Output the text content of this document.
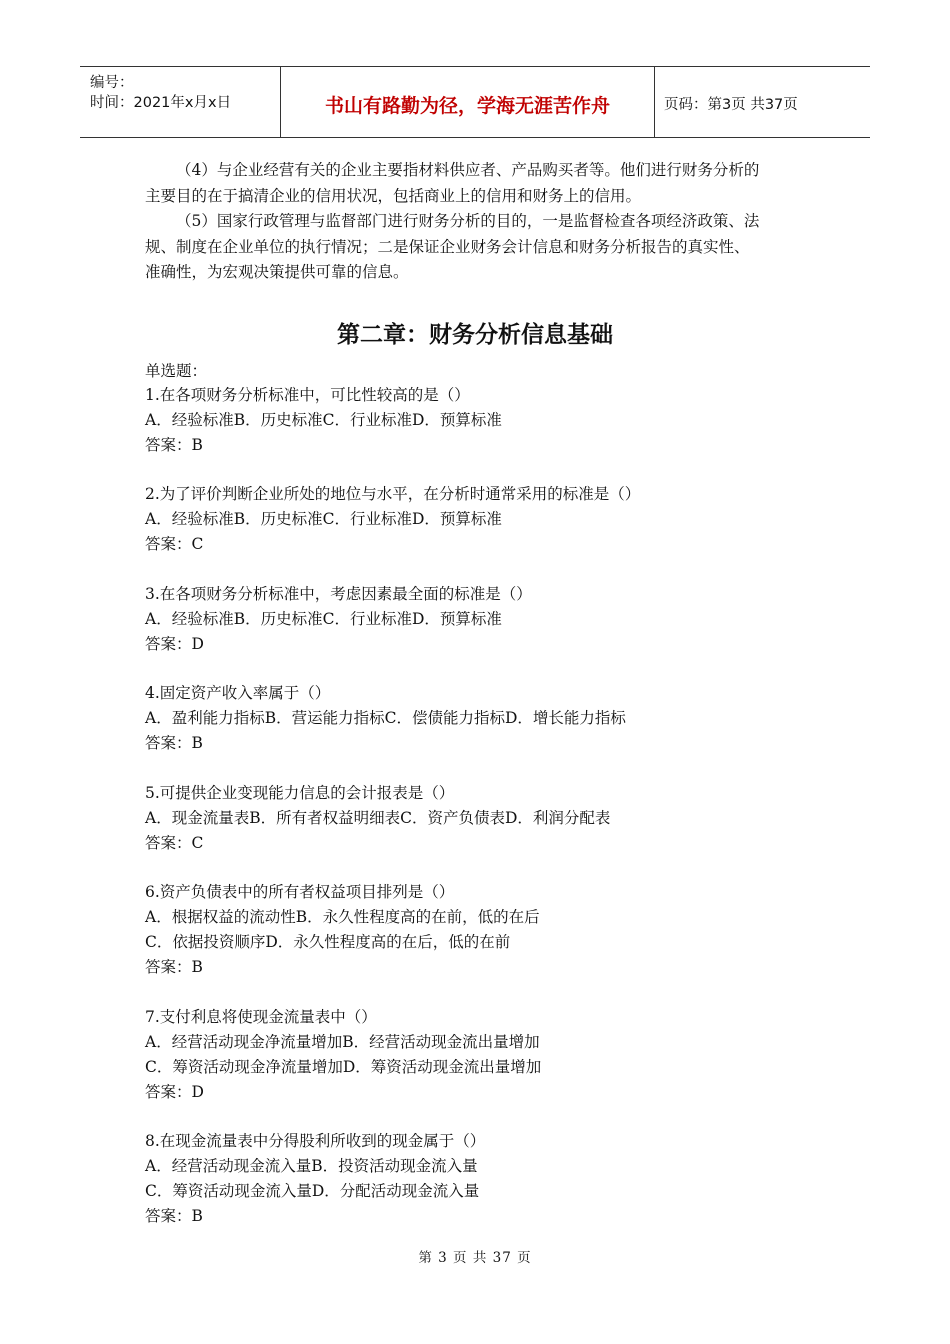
编号：
时间：2021年x月x日	书山有路勤为径，学海无涯苦作舟	页码：第3页 共37页
（4）与企业经营有关的企业主要指材料供应者、产品购买者等。他们进行财务分析的
主要目的在于搞清企业的信用状况，包括商业上的信用和财务上的信用。
（5）国家行政管理与监督部门进行财务分析的目的，一是监督检查各项经济政策、法
规、制度在企业单位的执行情况；二是保证企业财务会计信息和财务分析报告的真实性、
准确性，为宏观决策提供可靠的信息。
第二章：财务分析信息基础
单选题：
1.在各项财务分析标准中，可比性较高的是（）
A．经验标准B．历史标准C．行业标准D．预算标准
答案：B
2.为了评价判断企业所处的地位与水平，在分析时通常采用的标准是（）
A．经验标准B．历史标准C．行业标准D．预算标准
答案：C
3.在各项财务分析标准中，考虑因素最全面的标准是（）
A．经验标准B．历史标准C．行业标准D．预算标准
答案：D
4.固定资产收入率属于（）
A．盈利能力指标B．营运能力指标C．偿债能力指标D．增长能力指标
答案：B
5.可提供企业变现能力信息的会计报表是（）
A．现金流量表B．所有者权益明细表C．资产负债表D．利润分配表
答案：C
6.资产负债表中的所有者权益项目排列是（）
A．根据权益的流动性B．永久性程度高的在前，低的在后
C．依据投资顺序D．永久性程度高的在后，低的在前
答案：B
7.支付利息将使现金流量表中（）
A．经营活动现金净流量增加B．经营活动现金流出量增加
C．筹资活动现金净流量增加D．筹资活动现金流出量增加
答案：D
8.在现金流量表中分得股利所收到的现金属于（）
A．经营活动现金流入量B．投资活动现金流入量
C．筹资活动现金流入量D．分配活动现金流入量
答案：B
第 3 页 共 37 页
